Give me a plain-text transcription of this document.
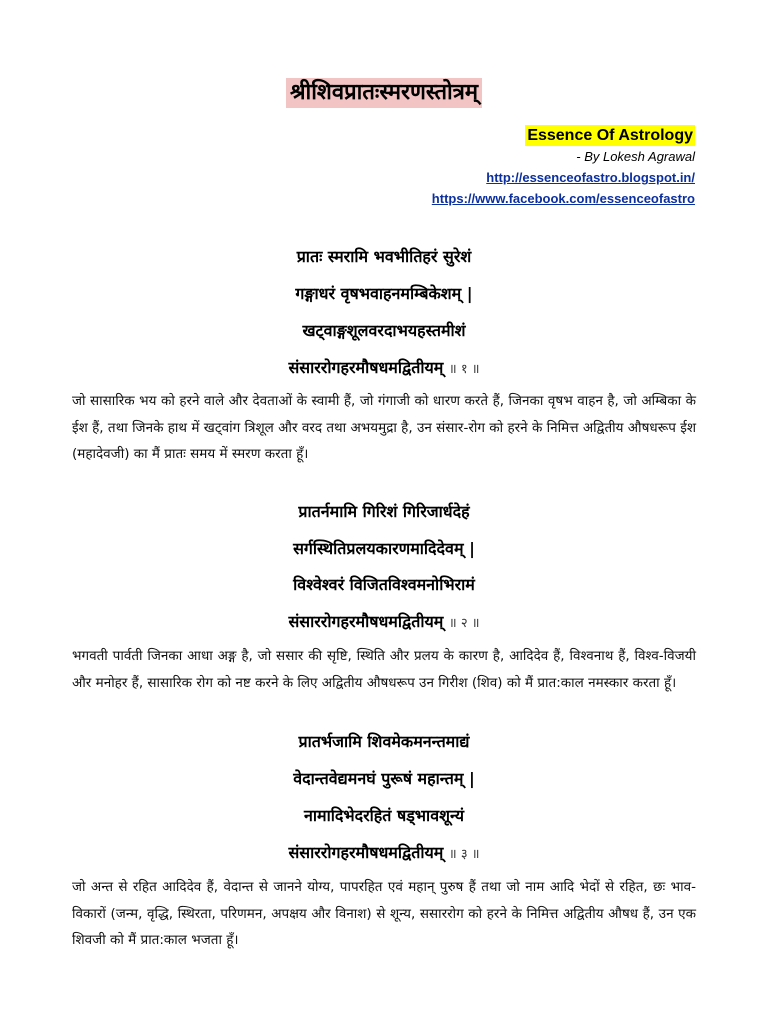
श्रीशिवप्रातःस्मरणस्तोत्रम्
Essence Of Astrology
- By Lokesh Agrawal
http://essenceofastro.blogspot.in/
https://www.facebook.com/essenceofastro
प्रातः स्मरामि भवभीतिहरं सुरेशं
गङ्गाधरं वृषभवाहनमम्बिकेशम् |
खट्वाङ्गशूलवरदाभयहस्तमीशं
संसाररोगहरमौषधमद्वितीयम् ॥ १ ॥
जो सासारिक भय को हरने वाले और देवताओं के स्वामी हैं, जो गंगाजी को धारण करते हैं, जिनका वृषभ वाहन है, जो अम्बिका के ईश हैं, तथा जिनके हाथ में खट्वांग त्रिशूल और वरद तथा अभयमुद्रा है, उन संसार-रोग को हरने के निमित्त अद्वितीय औषधरूप ईश (महादेवजी) का मैं प्रातः समय में स्मरण करता हूँ।
प्रातर्नमामि गिरिशं गिरिजार्धदेहं
सर्गस्थितिप्रलयकारणमादिदेवम् |
विश्वेश्वरं विजितविश्वमनोभिरामं
संसाररोगहरमौषधमद्वितीयम् ॥ २ ॥
भगवती पार्वती जिनका आधा अङ्ग है, जो ससार की सृष्टि, स्थिति और प्रलय के कारण है, आदिदेव हैं, विश्वनाथ हैं, विश्व-विजयी और मनोहर हैं, सासारिक रोग को नष्ट करने के लिए अद्वितीय औषधरूप उन गिरीश (शिव) को मैं प्रात:काल नमस्कार करता हूँ।
प्रातर्भजामि शिवमेकमनन्तमाद्यं
वेदान्तवेद्यमनघं पुरूषं महान्तम् |
नामादिभेदरहितं षड्भावशून्यं
संसाररोगहरमौषधमद्वितीयम् ॥ ३ ॥
जो अन्त से रहित आदिदेव हैं, वेदान्त से जानने योग्य, पापरहित एवं महान् पुरुष हैं तथा जो नाम आदि भेदों से रहित, छः भाव-विकारों (जन्म, वृद्धि, स्थिरता, परिणमन, अपक्षय और विनाश) से शून्य, ससाररोग को हरने के निमित्त अद्वितीय औषध हैं, उन एक शिवजी को मैं प्रात:काल भजता हूँ।
